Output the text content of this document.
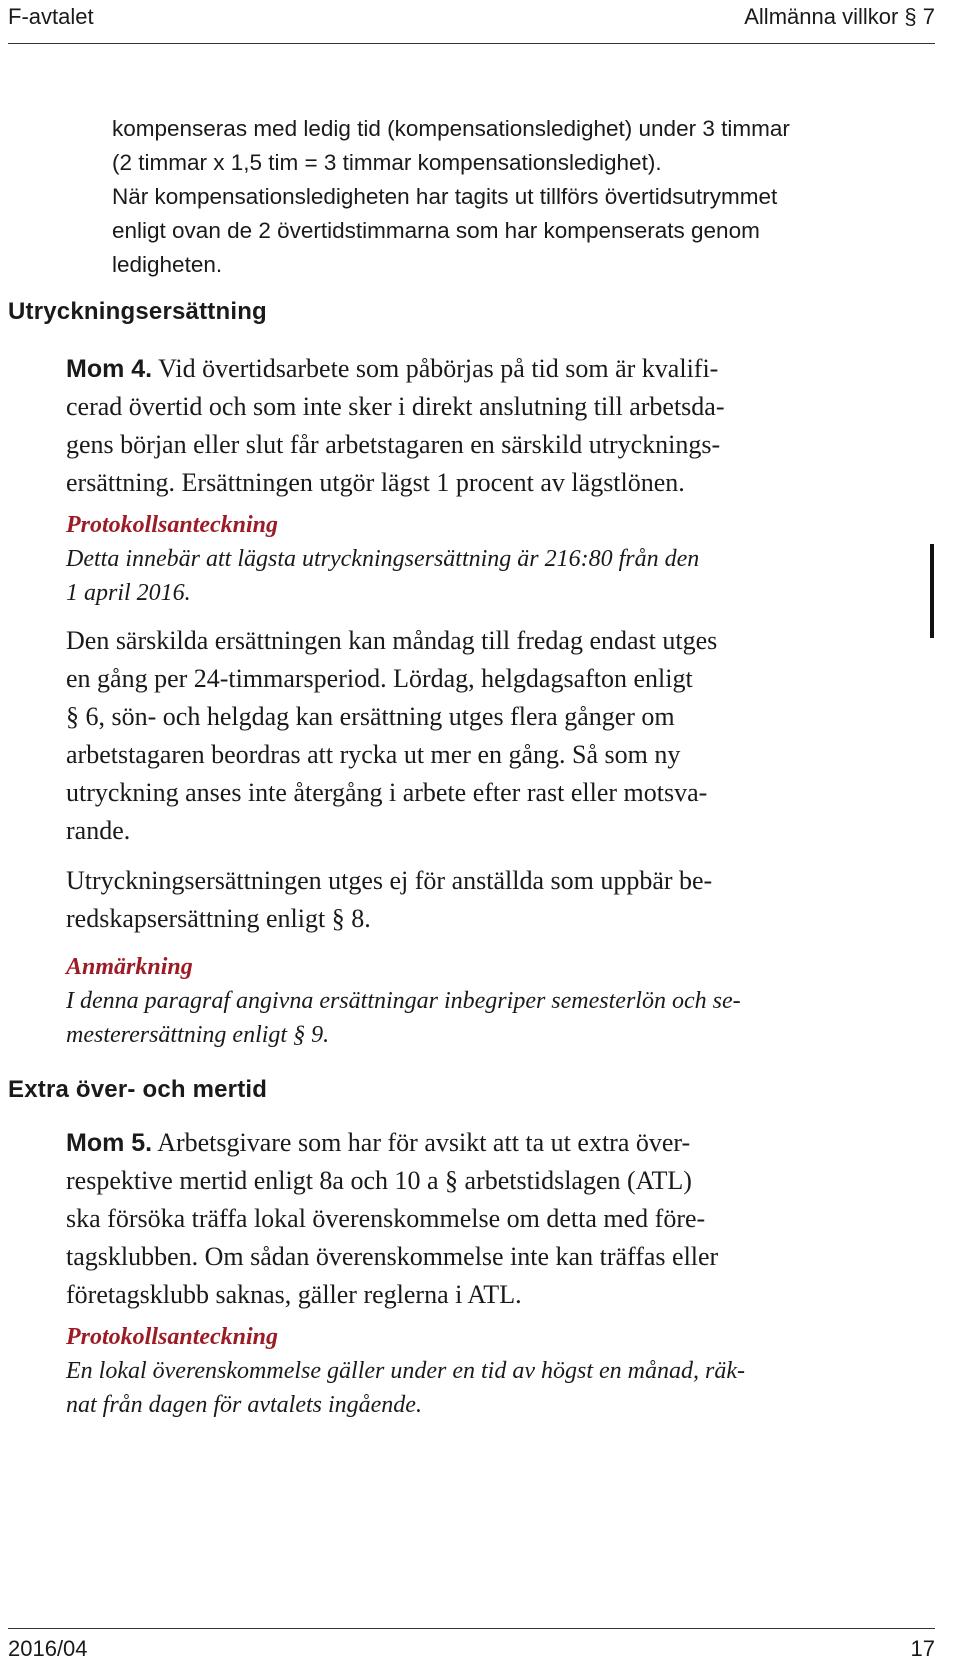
F-avtalet	Allmänna villkor § 7
kompenseras med ledig tid (kompensationsledighet) under 3 timmar
(2 timmar x 1,5 tim = 3 timmar kompensationsledighet).
När kompensationsledigheten har tagits ut tillförs övertidsutrymmet
enligt ovan de 2 övertidstimmarna som har kompenserats genom
ledigheten.
Utryckningsersättning
Mom 4. Vid övertidsarbete som påbörjas på tid som är kvalifi-
cerad övertid och som inte sker i direkt anslutning till arbetsda-
gens början eller slut får arbetstagaren en särskild utrycknings-
ersättning. Ersättningen utgör lägst 1 procent av lägstlönen.
Protokollsanteckning
Detta innebär att lägsta utryckningsersättning är 216:80 från den
1 april 2016.
Den särskilda ersättningen kan måndag till fredag endast utges
en gång per 24-timmarsperiod. Lördag, helgdagsafton enligt
§ 6, sön- och helgdag kan ersättning utges flera gånger om
arbetstagaren beordras att rycka ut mer en gång. Så som ny
utryckning anses inte återgång i arbete efter rast eller motsva-
rande.
Utryckningsersättningen utges ej för anställda som uppbär be-
redskapsersättning enligt § 8.
Anmärkning
I denna paragraf angivna ersättningar inbegriper semesterlön och se-
mesterersättning enligt § 9.
Extra över- och mertid
Mom 5. Arbetsgivare som har för avsikt att ta ut extra över-
respektive mertid enligt 8a och 10 a § arbetstidslagen (ATL)
ska försöka träffa lokal överenskommelse om detta med före-
tagsklubben. Om sådan överenskommelse inte kan träffas eller
företagsklubb saknas, gäller reglerna i ATL.
Protokollsanteckning
En lokal överenskommelse gäller under en tid av högst en månad, räk-
nat från dagen för avtalets ingående.
2016/04	17
